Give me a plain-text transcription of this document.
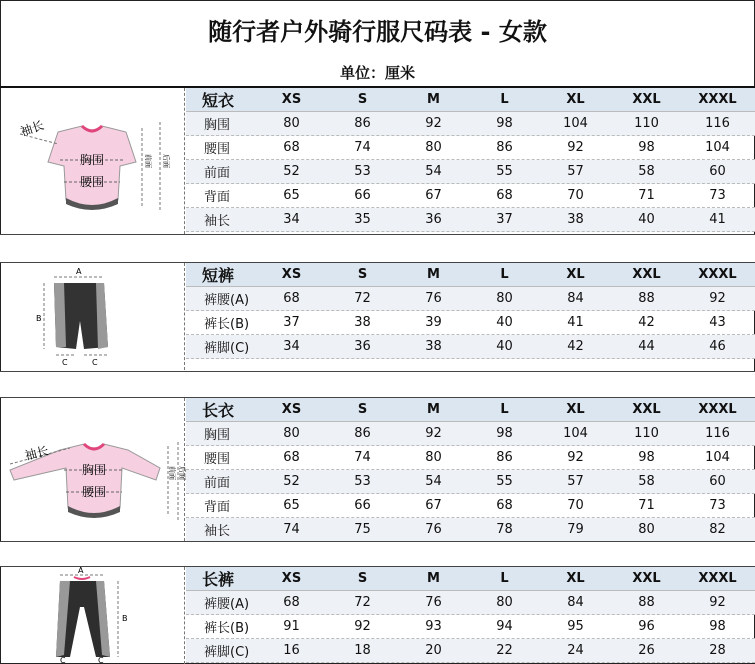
随行者户外骑行服尺码表 - 女款
单位：厘米
袖长
胸围
腰围
前面 后面
短衣	XS	S	M	L	XL	XXL	XXXL
胸围	80	86	92	98	104	110	116
腰围	68	74	80	86	92	98	104
前面	52	53	54	55	57	58	60
背面	65	66	67	68	70	71	73
袖长	34	35	36	37	38	40	41
A
B
C	C
短裤	XS	S	M	L	XL	XXL	XXXL
裤腰(A)	68	72	76	80	84	88	92
裤长(B)	37	38	39	40	41	42	43
裤脚(C)	34	36	38	40	42	44	46
袖长
胸围
腰围
前面 后面
长衣	XS	S	M	L	XL	XXL	XXXL
胸围	80	86	92	98	104	110	116
腰围	68	74	80	86	92	98	104
前面	52	53	54	55	57	58	60
背面	65	66	67	68	70	71	73
袖长	74	75	76	78	79	80	82
A
B
C	C
长裤	XS	S	M	L	XL	XXL	XXXL
裤腰(A)	68	72	76	80	84	88	92
裤长(B)	91	92	93	94	95	96	98
裤脚(C)	16	18	20	22	24	26	28
